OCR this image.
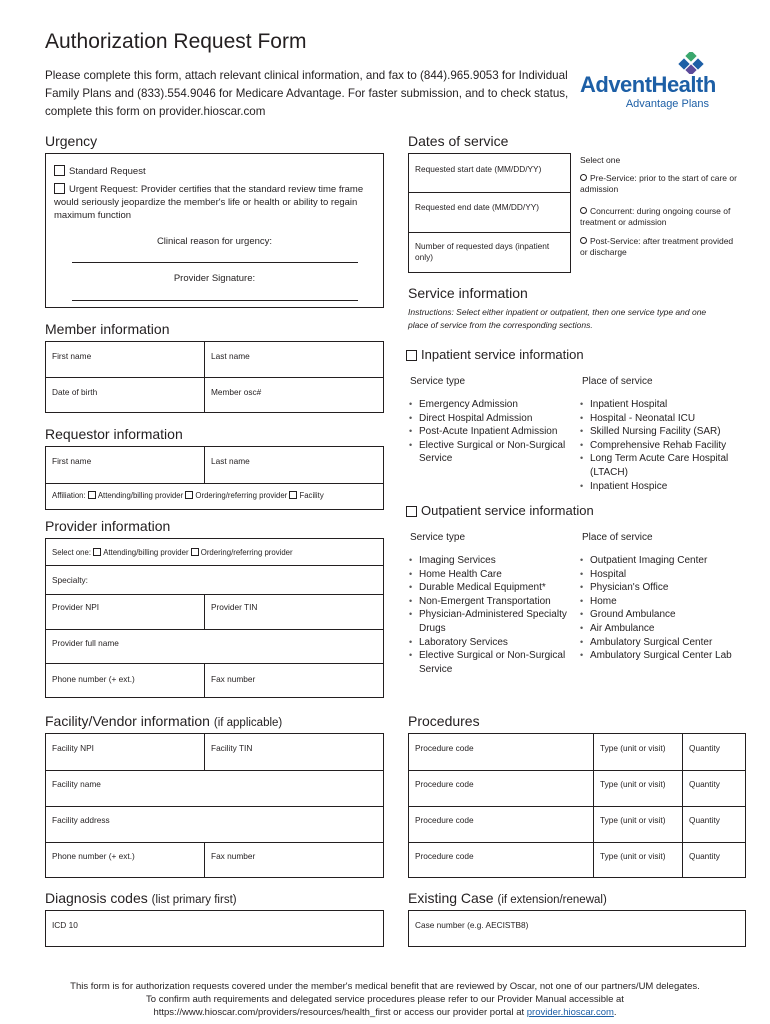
Authorization Request Form
Please complete this form, attach relevant clinical information, and fax to (844).965.9053 for Individual Family Plans and (833).554.9046 for Medicare Advantage. For faster submission, and to check status, complete this form on provider.hioscar.com
AdventHealth
Advantage Plans
Urgency
Standard Request
Urgent Request: Provider certifies that the standard review time frame would seriously jeopardize the member's life or health or ability to regain maximum function
Clinical reason for urgency:
Provider Signature:
Dates of service
Requested start date (MM/DD/YY)
Requested end date (MM/DD/YY)
Number of requested days (inpatient only)
Select one
Pre-Service: prior to the start of care or admission
Concurrent: during ongoing course of treatment or admission
Post-Service: after treatment provided or discharge
Service information
Instructions: Select either inpatient or outpatient, then one service type and one place of service from the corresponding sections.
Inpatient service information
Service type	Place of service
• Emergency Admission
• Direct Hospital Admission
• Post-Acute Inpatient Admission
• Elective Surgical or Non-Surgical Service
• Inpatient Hospital
• Hospital - Neonatal ICU
• Skilled Nursing Facility (SAR)
• Comprehensive Rehab Facility
• Long Term Acute Care Hospital (LTACH)
• Inpatient Hospice
Outpatient service information
Service type	Place of service
• Imaging Services
• Home Health Care
• Durable Medical Equipment*
• Non-Emergent Transportation
• Physician-Administered Specialty Drugs
• Laboratory Services
• Elective Surgical or Non-Surgical Service
• Outpatient Imaging Center
• Hospital
• Physician's Office
• Home
• Ground Ambulance
• Air Ambulance
• Ambulatory Surgical Center
• Ambulatory Surgical Center Lab
Member information
First name	Last name
Date of birth	Member osc#
Requestor information
First name	Last name
Affiliation: Attending/billing provider Ordering/referring provider Facility
Provider information
Select one: Attending/billing provider Ordering/referring provider
Specialty:
Provider NPI	Provider TIN
Provider full name
Phone number (+ ext.)	Fax number
Facility/Vendor information (if applicable)
Facility NPI	Facility TIN
Facility name
Facility address
Phone number (+ ext.)	Fax number
Procedures
Procedure code	Type (unit or visit)	Quantity
Procedure code	Type (unit or visit)	Quantity
Procedure code	Type (unit or visit)	Quantity
Procedure code	Type (unit or visit)	Quantity
Diagnosis codes (list primary first)
ICD 10
Existing Case (if extension/renewal)
Case number (e.g. AECISTB8)
This form is for authorization requests covered under the member's medical benefit that are reviewed by Oscar, not one of our partners/UM delegates.
To confirm auth requirements and delegated service procedures please refer to our Provider Manual accessible at
https://www.hioscar.com/providers/resources/health_first or access our provider portal at provider.hioscar.com.
